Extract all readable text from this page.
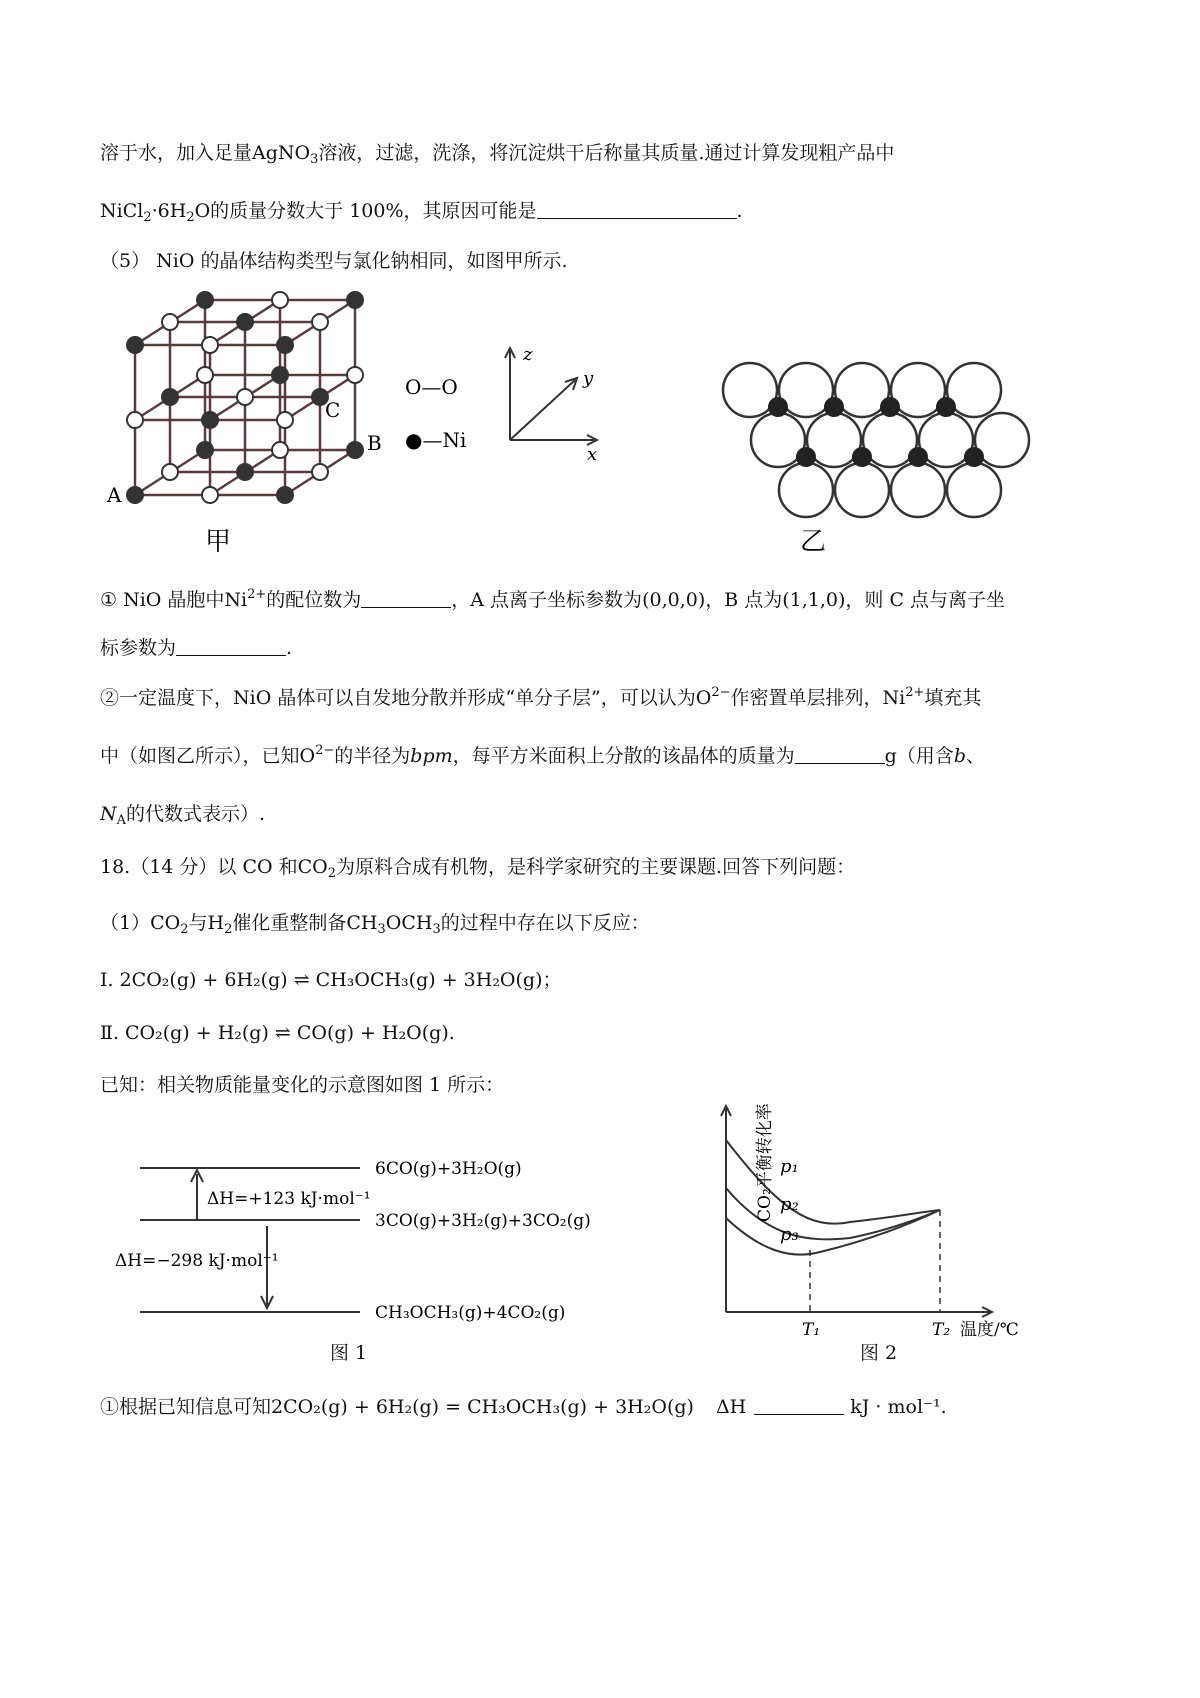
溶于水，加入足量AgNO$_3$溶液，过滤，洗涤，将沉淀烘干后称量其质量.通过计算发现粗产品中
$NiCl_2\cdot 6H_2O$的质量分数大于 100%，其原因可能是	.
（5） NiO 的晶体结构类型与氯化钠相同，如图甲所示.
A
B
C
O—O
●—Ni
z
y
x
甲	乙
① NiO 晶胞中$Ni^{2+}$的配位数为	，A 点离子坐标参数为(0,0,0)，B 点为(1,1,0)，则 C 点与离子坐
标参数为	.
②一定温度下，NiO 晶体可以自发地分散并形成“单分子层”，可以认为$O^{2-}$作密置单层排列，$Ni^{2+}$填充其
中（如图乙所示），已知$O^{2-}$的半径为bpm，每平方米面积上分散的该晶体的质量为	g（用含b、
$N_A$的代数式表示）.
18.（14 分）以 CO 和$CO_2$为原料合成有机物，是科学家研究的主要课题.回答下列问题：
$(1)CO_2$与$H_2$催化重整制备$CH_3OCH_3$的过程中存在以下反应：
Ⅰ. 2CO₂(g) + 6H₂(g) ⇌ CH₃OCH₃(g) + 3H₂O(g)；
Ⅱ. CO₂(g) + H₂(g) ⇌ CO(g) + H₂O(g).
已知：相关物质能量变化的示意图如图 1 所示：
6CO(g)+3H₂O(g)
3CO(g)+3H₂(g)+3CO₂(g)
CH₃OCH₃(g)+4CO₂(g)
ΔH=+123 kJ·mol⁻¹
ΔH=−298 kJ·mol⁻¹
图 1
CO₂平衡转化率 p₁
p₂
p₃
T₁	T₂ 温度/℃
图 2
①根据已知信息可知2CO₂(g) + 6H₂(g) = CH₃OCH₃(g) + 3H₂O(g) ΔH	kJ · mol⁻¹.
